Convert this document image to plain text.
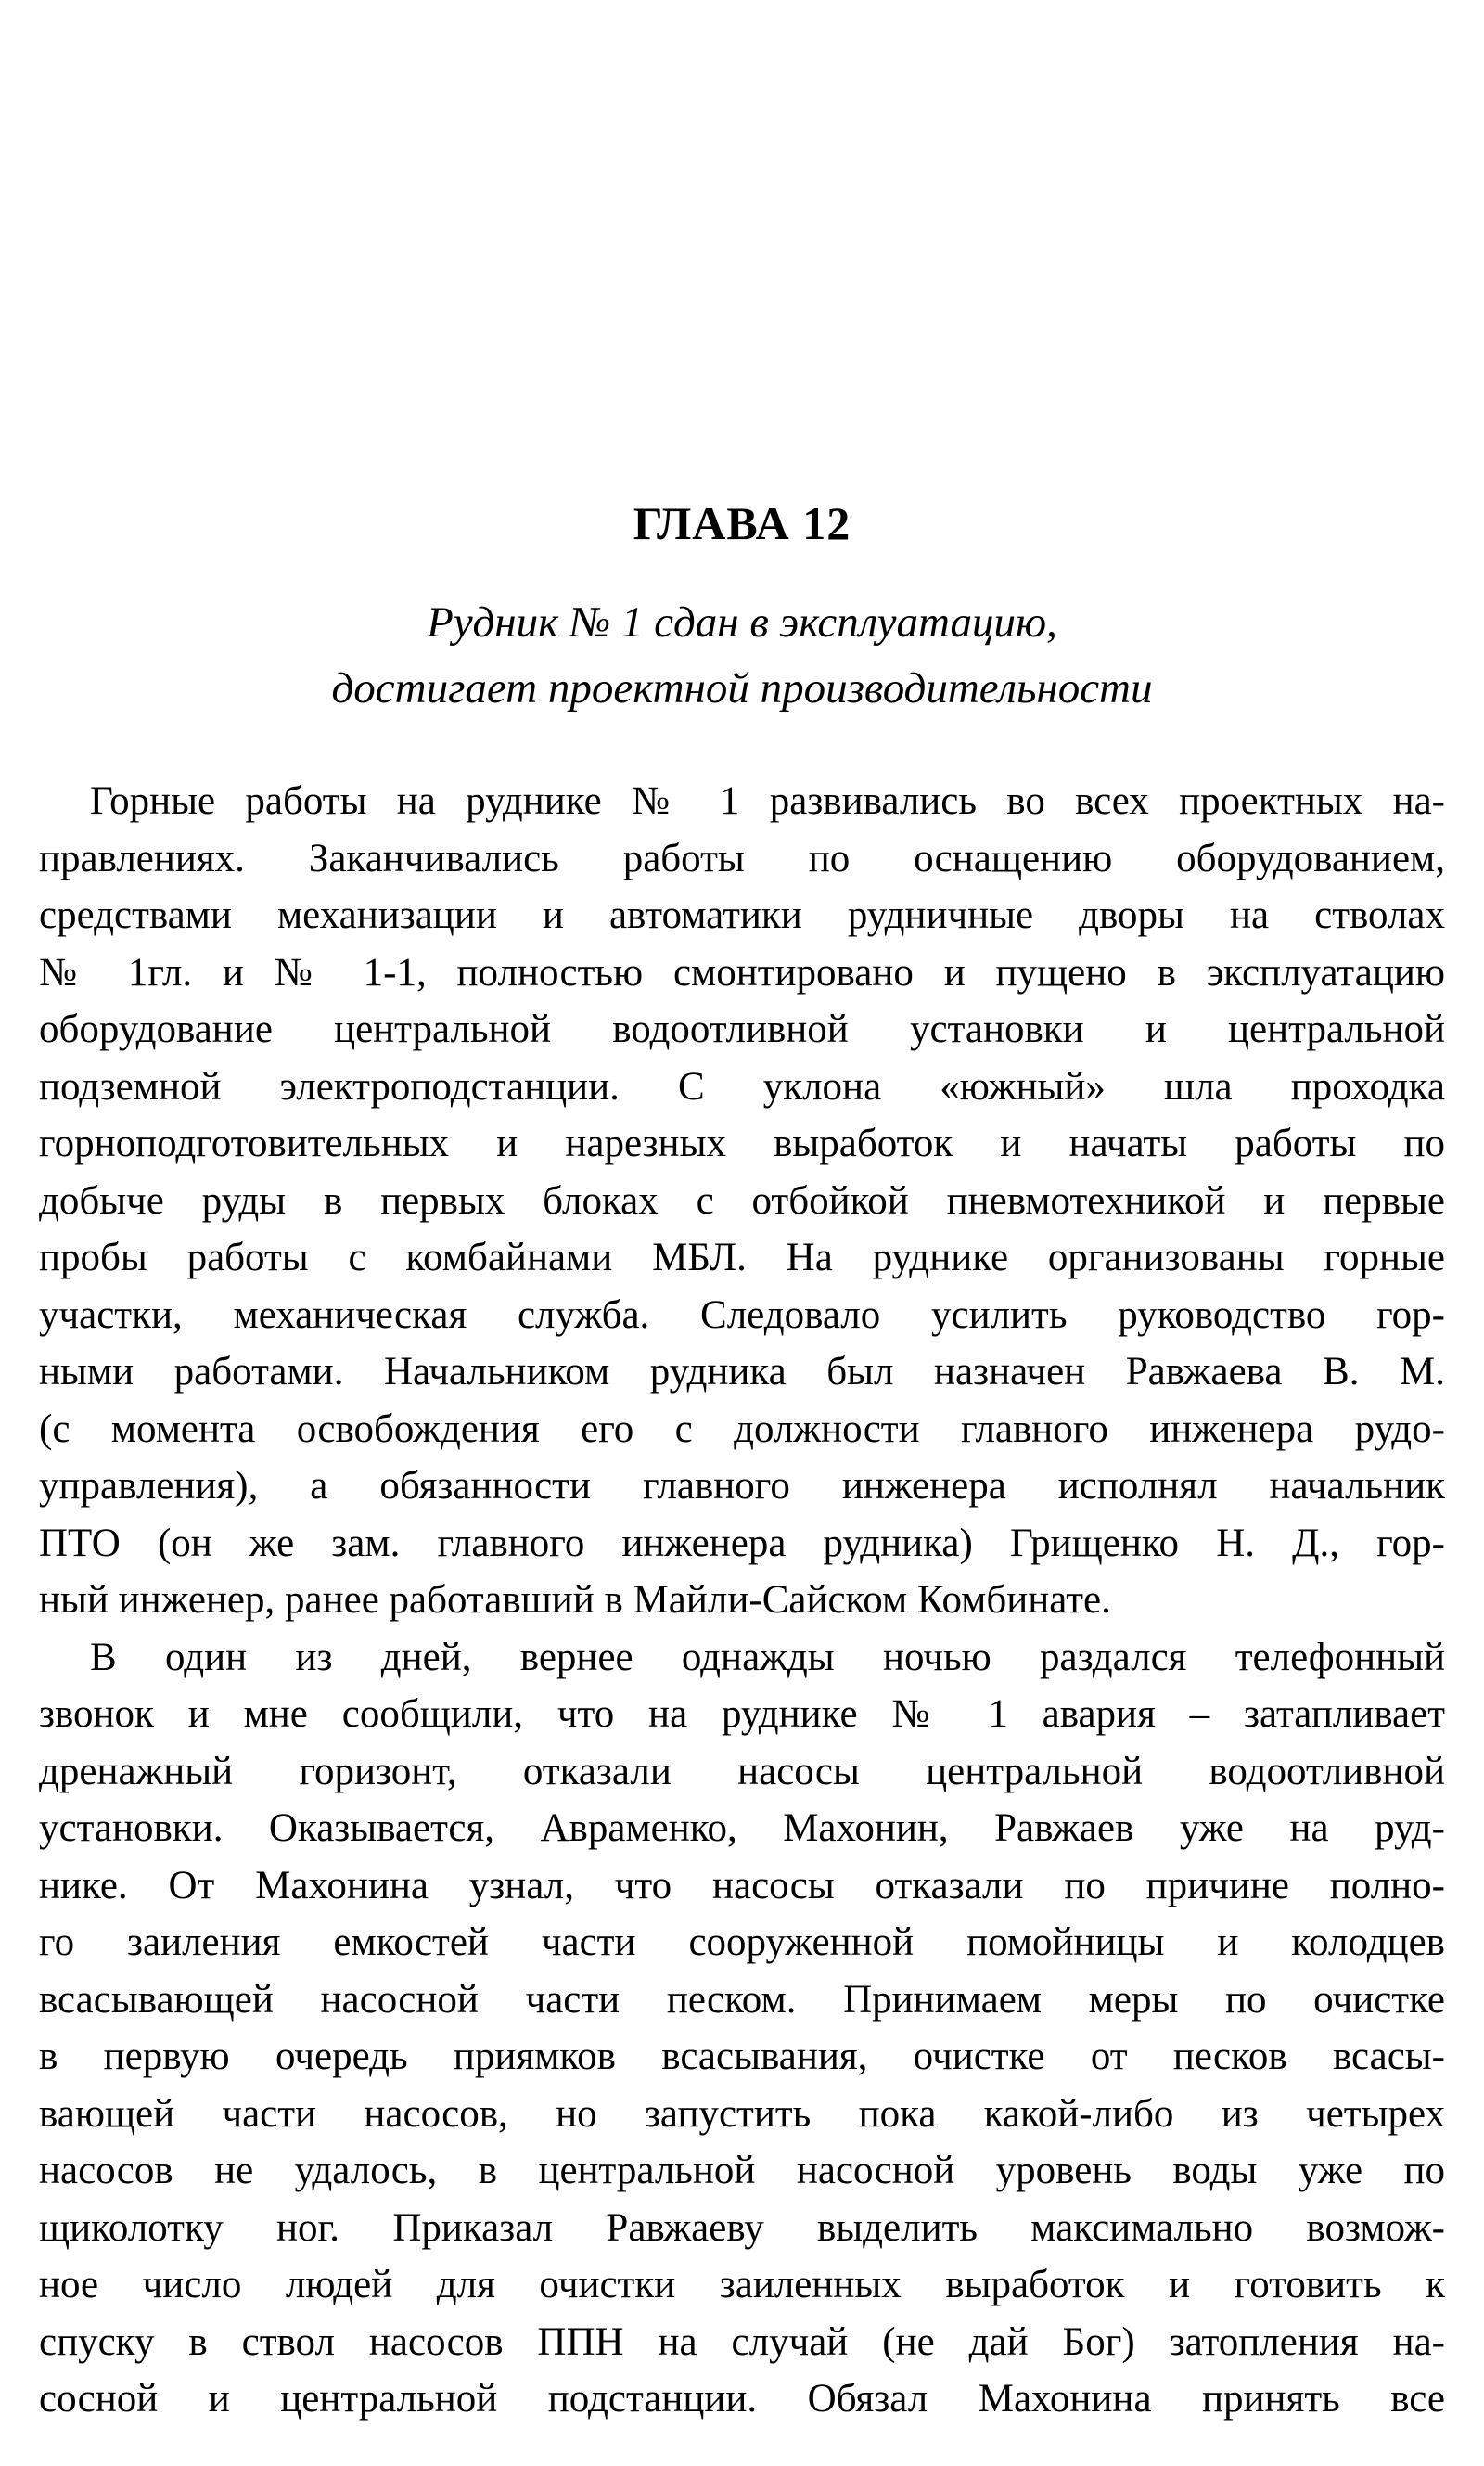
ГЛАВА 12
Рудник № 1 сдан в эксплуатацию,
достигает проектной производительности
Горные работы на руднике № 1 развивались во всех проектных на-
правлениях. Заканчивались работы по оснащению оборудованием,
средствами механизации и автоматики рудничные дворы на стволах
№ 1гл. и № 1-1, полностью смонтировано и пущено в эксплуатацию
оборудование центральной водоотливной установки и центральной
подземной электроподстанции. С уклона «южный» шла проходка
горноподготовительных и нарезных выработок и начаты работы по
добыче руды в первых блоках с отбойкой пневмотехникой и первые
пробы работы с комбайнами МБЛ. На руднике организованы горные
участки, механическая служба. Следовало усилить руководство гор-
ными работами. Начальником рудника был назначен Равжаева В. М.
(с момента освобождения его с должности главного инженера рудо-
управления), а обязанности главного инженера исполнял начальник
ПТО (он же зам. главного инженера рудника) Грищенко Н. Д., гор-
ный инженер, ранее работавший в Майли-Сайском Комбинате.
В один из дней, вернее однажды ночью раздался телефонный
звонок и мне сообщили, что на руднике № 1 авария – затапливает
дренажный горизонт, отказали насосы центральной водоотливной
установки. Оказывается, Авраменко, Махонин, Равжаев уже на руд-
нике. От Махонина узнал, что насосы отказали по причине полно-
го заиления емкостей части сооруженной помойницы и колодцев
всасывающей насосной части песком. Принимаем меры по очистке
в первую очередь приямков всасывания, очистке от песков всасы-
вающей части насосов, но запустить пока какой-либо из четырех
насосов не удалось, в центральной насосной уровень воды уже по
щиколотку ног. Приказал Равжаеву выделить максимально возмож-
ное число людей для очистки заиленных выработок и готовить к
спуску в ствол насосов ППН на случай (не дай Бог) затопления на-
сосной и центральной подстанции. Обязал Махонина принять все
